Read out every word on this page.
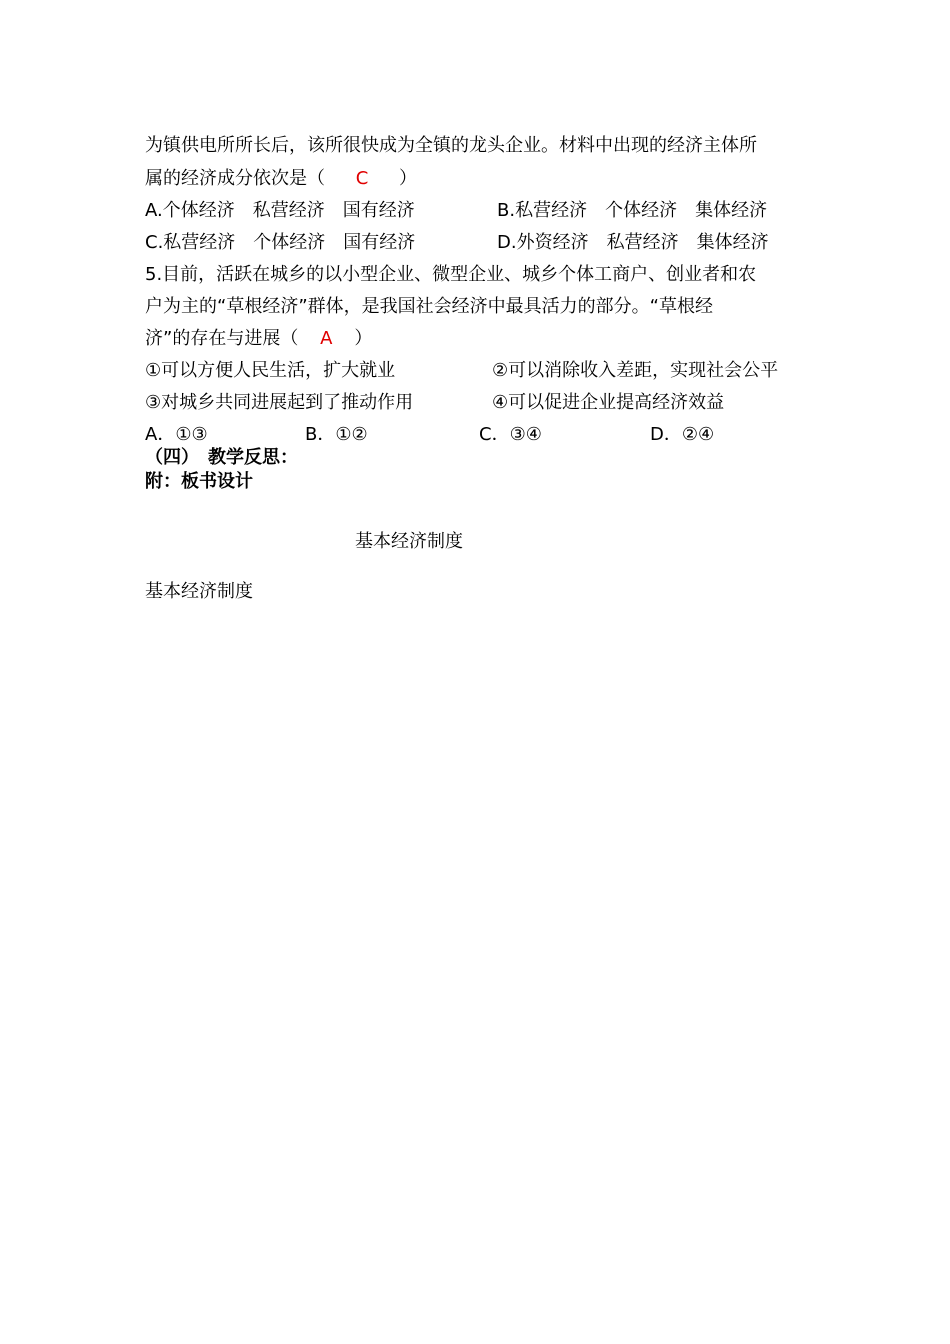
为镇供电所所长后，该所很快成为全镇的龙头企业。材料中出现的经济主体所
属的经济成分依次是（ C ）
A.个体经济　私营经济　国有经济	B.私营经济　个体经济　集体经济
C.私营经济　个体经济　国有经济	D.外资经济　私营经济　集体经济
5.目前，活跃在城乡的以小型企业、微型企业、城乡个体工商户、创业者和农
户为主的“草根经济”群体，是我国社会经济中最具活力的部分。“草根经
济”的存在与进展（ A ）
①可以方便人民生活，扩大就业	②可以消除收入差距，实现社会公平
③对城乡共同进展起到了推动作用	④可以促进企业提高经济效益
A．①③	B．①②	C．③④	D．②④
（四）　教学反思：
附：板书设计
基本经济制度
基本经济制度
